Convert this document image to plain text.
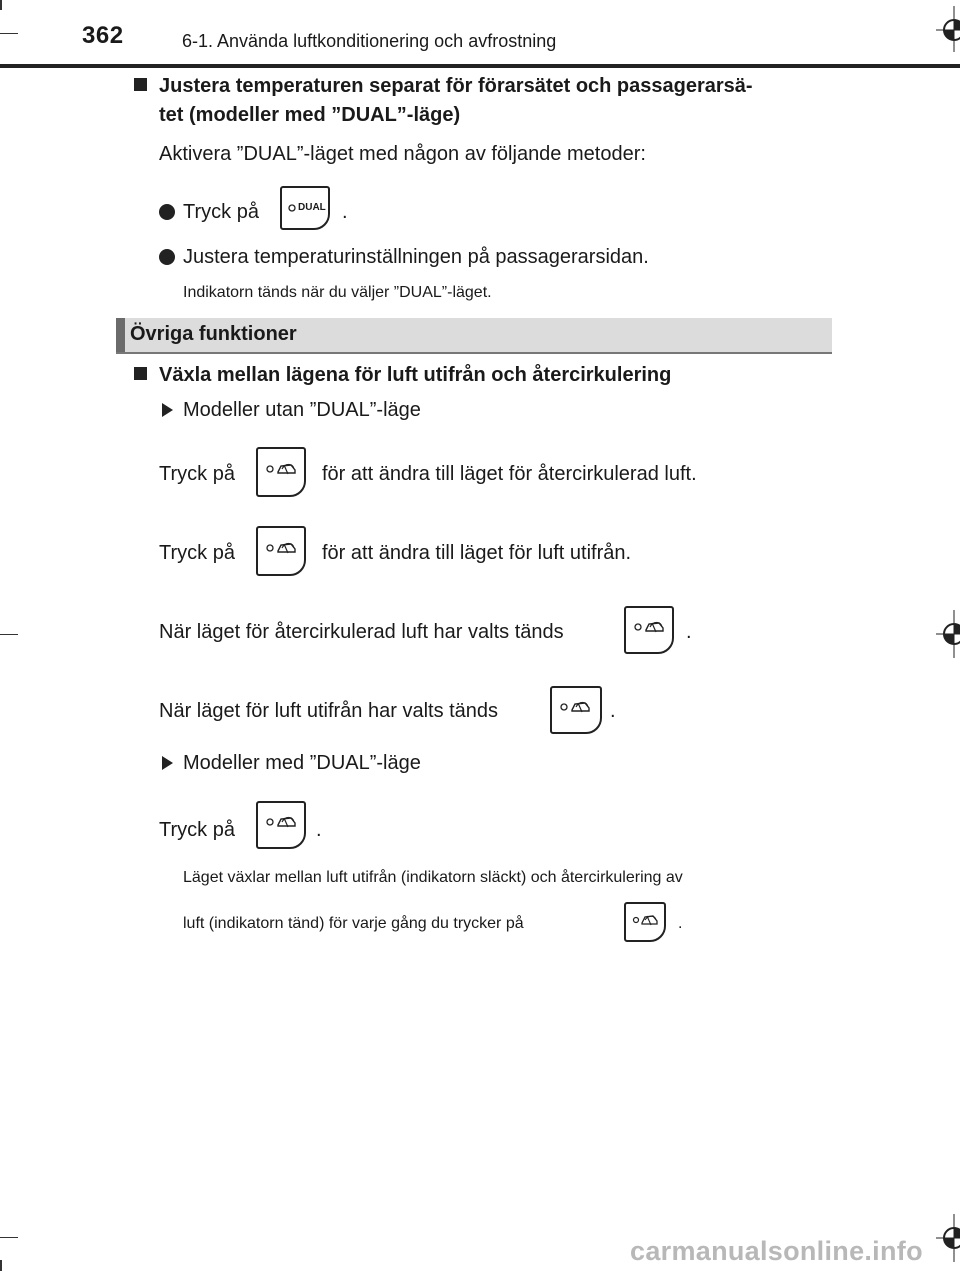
362	6-1. Använda luftkonditionering och avfrostning
Justera temperaturen separat för förarsätet och passagerarsä-
tet (modeller med ”DUAL”-läge)
Aktivera ”DUAL”-läget med någon av följande metoder:
Tryck på	DUAL .
Justera temperaturinställningen på passagerarsidan.
Indikatorn tänds när du väljer ”DUAL”-läget.
Övriga funktioner
Växla mellan lägena för luft utifrån och återcirkulering
Modeller utan ”DUAL”-läge
Tryck på	för att ändra till läget för återcirkulerad luft.
Tryck på	för att ändra till läget för luft utifrån.
När läget för återcirkulerad luft har valts tänds	.
När läget för luft utifrån har valts tänds	.
Modeller med ”DUAL”-läge
Tryck på	.
Läget växlar mellan luft utifrån (indikatorn släckt) och återcirkulering av
luft (indikatorn tänd) för varje gång du trycker på	.
carmanualsonline.info
